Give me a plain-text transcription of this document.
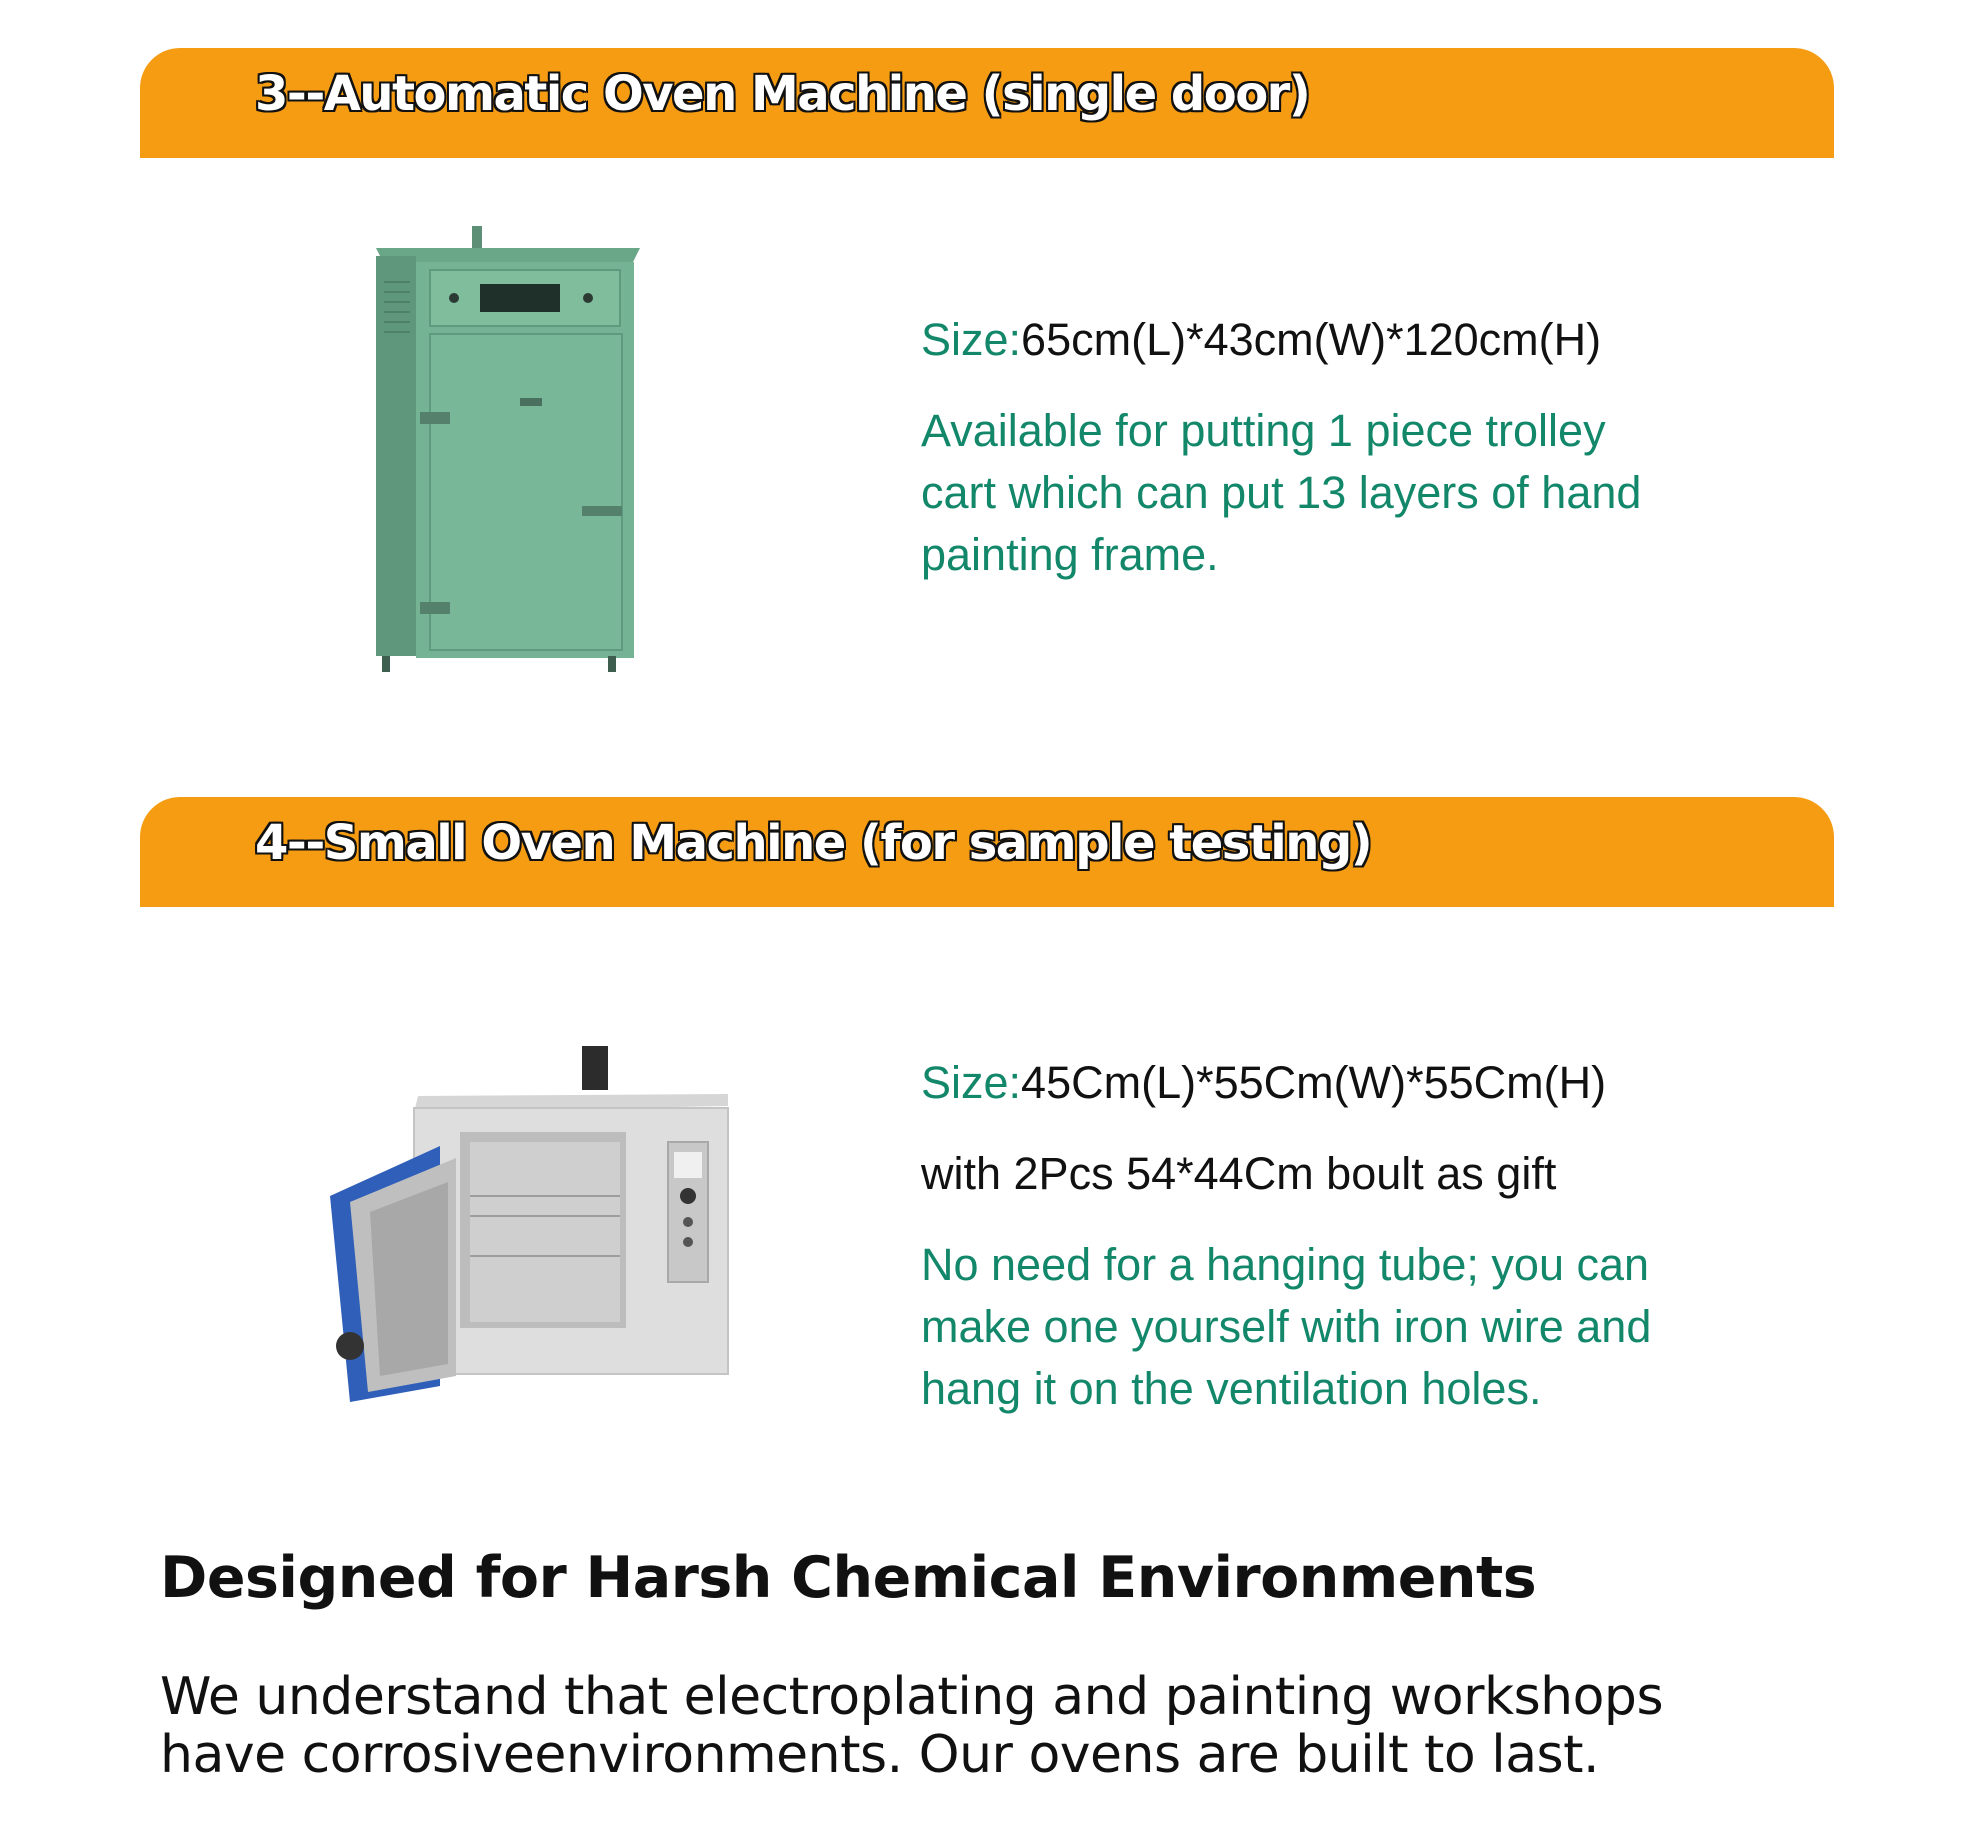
3--Automatic Oven Machine (single door)
Size:65cm(L)*43cm(W)*120cm(H)
Available for putting 1 piece trolley
cart which can put 13 layers of hand
painting frame.
4--Small Oven Machine (for sample testing)
Size:45Cm(L)*55Cm(W)*55Cm(H)
with 2Pcs 54*44Cm boult as gift
No need for a hanging tube; you can
make one yourself with iron wire and
hang it on the ventilation holes.
Designed for Harsh Chemical Environments
We understand that electroplating and painting workshops
have corrosiveenvironments. Our ovens are built to last.
